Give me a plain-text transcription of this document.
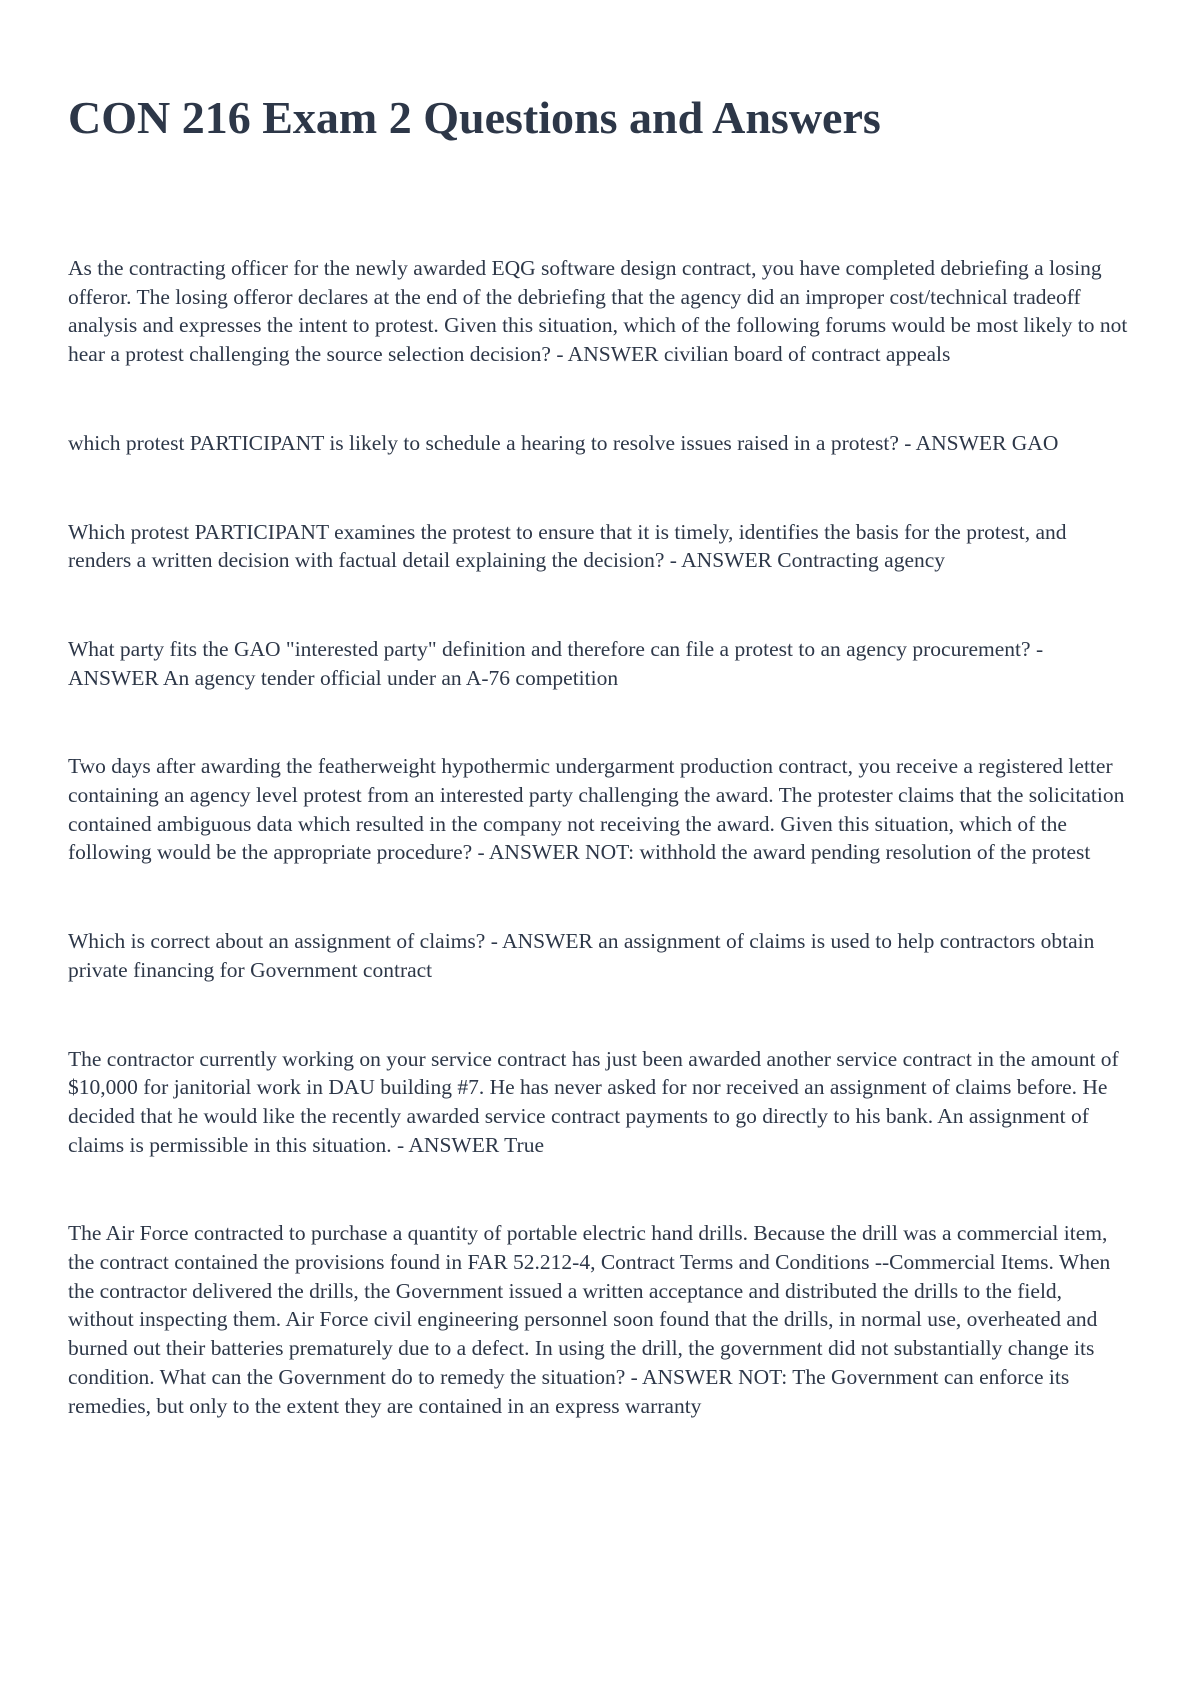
CON 216 Exam 2 Questions and Answers
As the contracting officer for the newly awarded EQG software design contract, you have completed debriefing a losing offeror. The losing offeror declares at the end of the debriefing that the agency did an improper cost/technical tradeoff analysis and expresses the intent to protest. Given this situation, which of the following forums would be most likely to not hear a protest challenging the source selection decision? - ANSWER civilian board of contract appeals
which protest PARTICIPANT is likely to schedule a hearing to resolve issues raised in a protest? - ANSWER GAO
Which protest PARTICIPANT examines the protest to ensure that it is timely, identifies the basis for the protest, and renders a written decision with factual detail explaining the decision? - ANSWER Contracting agency
What party fits the GAO "interested party" definition and therefore can file a protest to an agency procurement? - ANSWER An agency tender official under an A-76 competition
Two days after awarding the featherweight hypothermic undergarment production contract, you receive a registered letter containing an agency level protest from an interested party challenging the award. The protester claims that the solicitation contained ambiguous data which resulted in the company not receiving the award. Given this situation, which of the following would be the appropriate procedure? - ANSWER NOT: withhold the award pending resolution of the protest
Which is correct about an assignment of claims? - ANSWER an assignment of claims is used to help contractors obtain private financing for Government contract
The contractor currently working on your service contract has just been awarded another service contract in the amount of $10,000 for janitorial work in DAU building #7. He has never asked for nor received an assignment of claims before. He decided that he would like the recently awarded service contract payments to go directly to his bank. An assignment of claims is permissible in this situation. - ANSWER True
The Air Force contracted to purchase a quantity of portable electric hand drills. Because the drill was a commercial item, the contract contained the provisions found in FAR 52.212-4, Contract Terms and Conditions --Commercial Items. When the contractor delivered the drills, the Government issued a written acceptance and distributed the drills to the field, without inspecting them. Air Force civil engineering personnel soon found that the drills, in normal use, overheated and burned out their batteries prematurely due to a defect. In using the drill, the government did not substantially change its condition. What can the Government do to remedy the situation? - ANSWER NOT: The Government can enforce its remedies, but only to the extent they are contained in an express warranty
